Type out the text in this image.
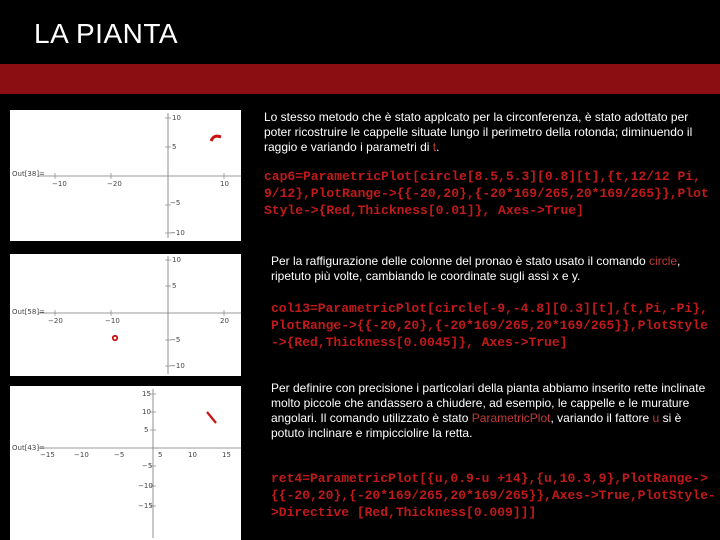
LA PIANTA
Out[38]=
10
5
−10	−20	10
−5
−10
Out[58]=
10
5
−20	−10	20
−5
−10
Out[43]=
15
10
5
−15	−10	−5	5	10	15
−5
−10
−15

Lo stesso metodo che è stato applcato per la circonferenza, è stato adottato per poter ricostruire le cappelle situate lungo il perimetro della rotonda; diminuendo il raggio e variando i parametri di t.

cap6=ParametricPlot[circle[8.5,5.3][0.8][t],{t,12/12 Pi,9/12},PlotRange->{{-20,20},{-20*169/265,20*169/265}},PlotStyle->{Red,Thickness[0.01]}, Axes->True]

Per la raffigurazione delle colonne del pronao è stato usato il comando circle, ripetuto più volte, cambiando le coordinate sugli assi x e y.

col13=ParametricPlot[circle[-9,-4.8][0.3][t],{t,Pi,-Pi},PlotRange->{{-20,20},{-20*169/265,20*169/265}},PlotStyle->{Red,Thickness[0.0045]}, Axes->True]

Per definire con precisione i particolari della pianta abbiamo inserito rette inclinate molto piccole che andassero a chiudere, ad esempio, le cappelle e le murature angolari. Il comando utilizzato è stato ParametricPlot, variando il fattore u si è potuto inclinare e rimpicciolire la retta.

ret4=ParametricPlot[{u,0.9-u +14},{u,10.3,9},PlotRange->{{-20,20},{-20*169/265,20*169/265}},Axes->True,PlotStyle->Directive [Red,Thickness[0.009]]]
